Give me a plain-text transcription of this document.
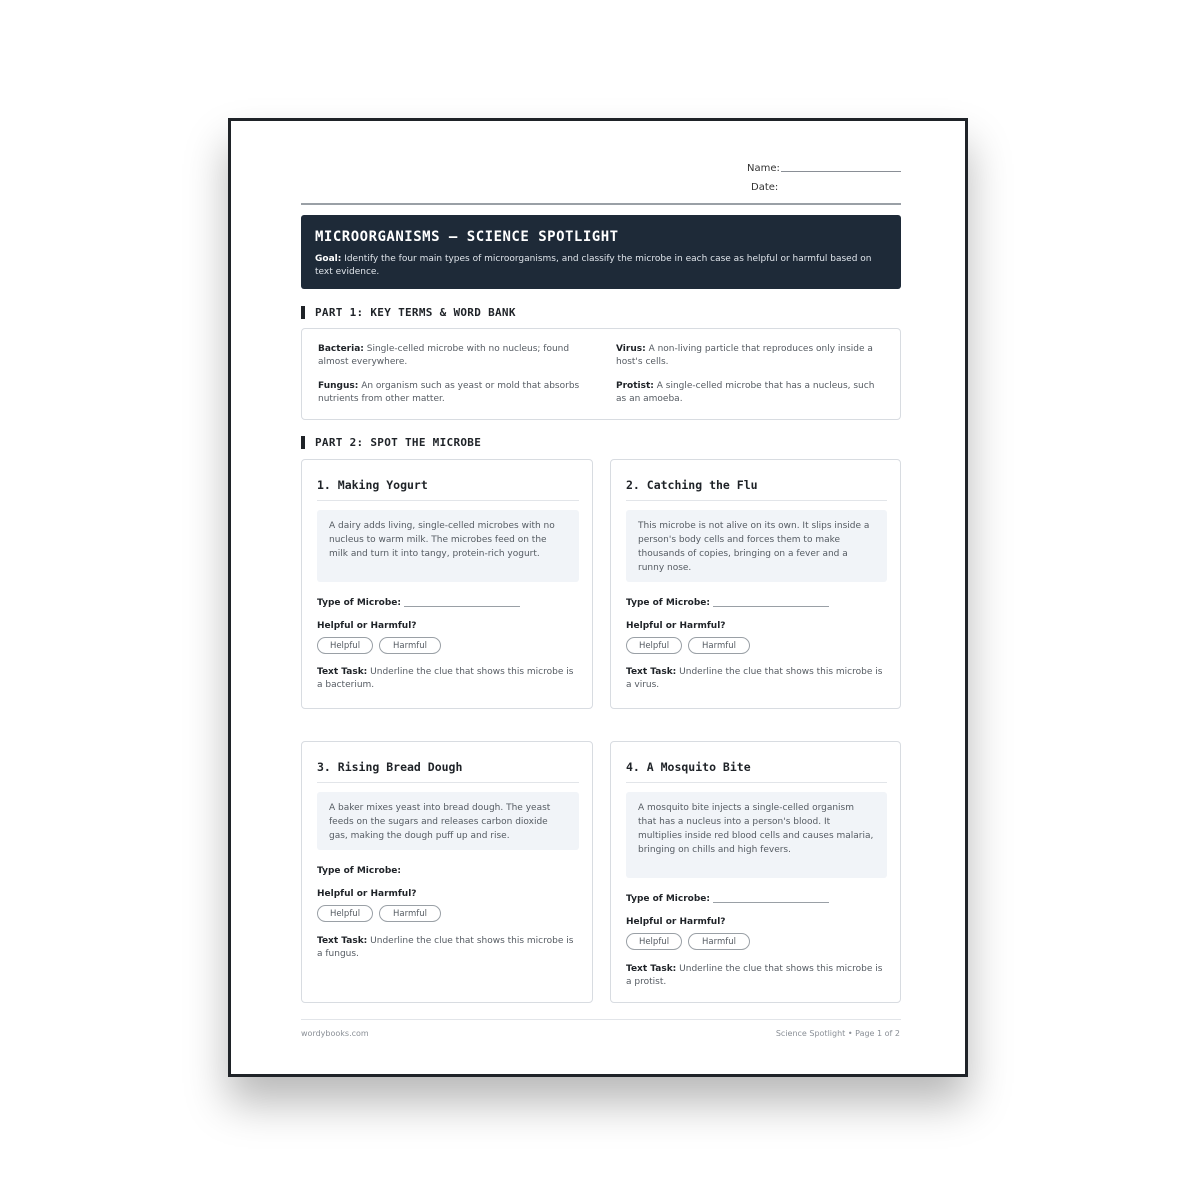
Name:
Date:
MICROORGANISMS — SCIENCE SPOTLIGHT
Goal: Identify the four main types of microorganisms, and classify the microbe in each case as helpful or harmful based on text evidence.
PART 1: KEY TERMS & WORD BANK
Bacteria: Single-celled microbe with no nucleus; found almost everywhere.
Virus: A non-living particle that reproduces only inside a host's cells.
Fungus: An organism such as yeast or mold that absorbs nutrients from other matter.
Protist: A single-celled microbe that has a nucleus, such as an amoeba.
PART 2: SPOT THE MICROBE
1. Making Yogurt
A dairy adds living, single-celled microbes with no nucleus to warm milk. The microbes feed on the milk and turn it into tangy, protein-rich yogurt.
Type of Microbe:
Helpful or Harmful?
Helpful	Harmful
Text Task: Underline the clue that shows this microbe is a bacterium.
2. Catching the Flu
This microbe is not alive on its own. It slips inside a person's body cells and forces them to make thousands of copies, bringing on a fever and a runny nose.
Type of Microbe:
Helpful or Harmful?
Helpful	Harmful
Text Task: Underline the clue that shows this microbe is a virus.
3. Rising Bread Dough
A baker mixes yeast into bread dough. The yeast feeds on the sugars and releases carbon dioxide gas, making the dough puff up and rise.
Type of Microbe:
Helpful or Harmful?
Helpful	Harmful
Text Task: Underline the clue that shows this microbe is a fungus.
4. A Mosquito Bite
A mosquito bite injects a single-celled organism that has a nucleus into a person's blood. It multiplies inside red blood cells and causes malaria, bringing on chills and high fevers.
Type of Microbe:
Helpful or Harmful?
Helpful	Harmful
Text Task: Underline the clue that shows this microbe is a protist.
wordybooks.com	Science Spotlight • Page 1 of 2
